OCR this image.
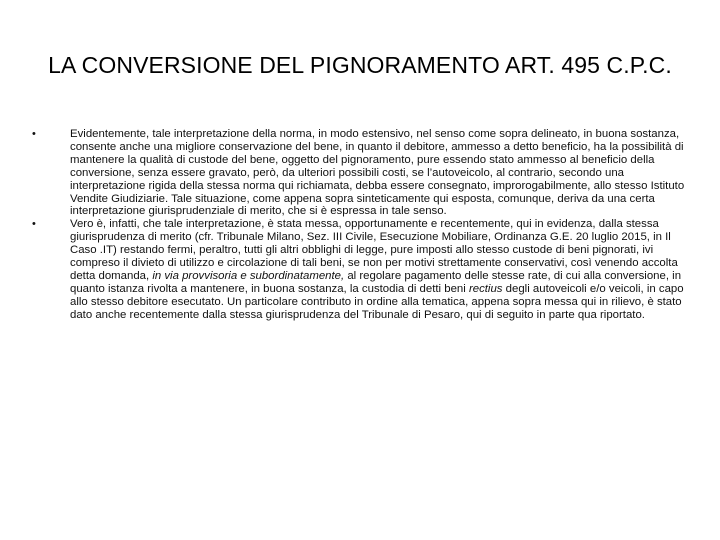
LA CONVERSIONE DEL PIGNORAMENTO ART. 495 C.P.C.
•	Evidentemente, tale interpretazione della norma, in modo estensivo, nel senso come sopra delineato, in buona sostanza, consente anche una migliore conservazione del bene, in quanto il debitore, ammesso a detto beneficio, ha la possibilità di mantenere la qualità di custode del bene, oggetto del pignoramento, pure essendo stato ammesso al beneficio della conversione, senza essere gravato, però, da ulteriori possibili costi, se l’autoveicolo, al contrario, secondo una interpretazione rigida della stessa norma qui richiamata, debba essere consegnato, improrogabilmente, allo stesso Istituto Vendite Giudiziarie. Tale situazione, come appena sopra sinteticamente qui esposta, comunque, deriva da una certa interpretazione giurisprudenziale di merito, che si è espressa in tale senso.
•	Vero è, infatti, che tale interpretazione, è stata messa, opportunamente e recentemente, qui in evidenza, dalla stessa giurisprudenza di merito (cfr. Tribunale Milano, Sez. III Civile, Esecuzione Mobiliare, Ordinanza G.E. 20 luglio 2015, in Il Caso .IT) restando fermi, peraltro, tutti gli altri obblighi di legge, pure imposti allo stesso custode di beni pignorati, ivi compreso il divieto di utilizzo e circolazione di tali beni, se non per motivi strettamente conservativi, così venendo accolta detta domanda, in via provvisoria e subordinatamente, al regolare pagamento delle stesse rate, di cui alla conversione, in quanto istanza rivolta a mantenere, in buona sostanza, la custodia di detti beni rectius degli autoveicoli e/o veicoli, in capo allo stesso debitore esecutato. Un particolare contributo in ordine alla tematica, appena sopra messa qui in rilievo, è stato dato anche recentemente dalla stessa giurisprudenza del Tribunale di Pesaro, qui di seguito in parte qua riportato.
